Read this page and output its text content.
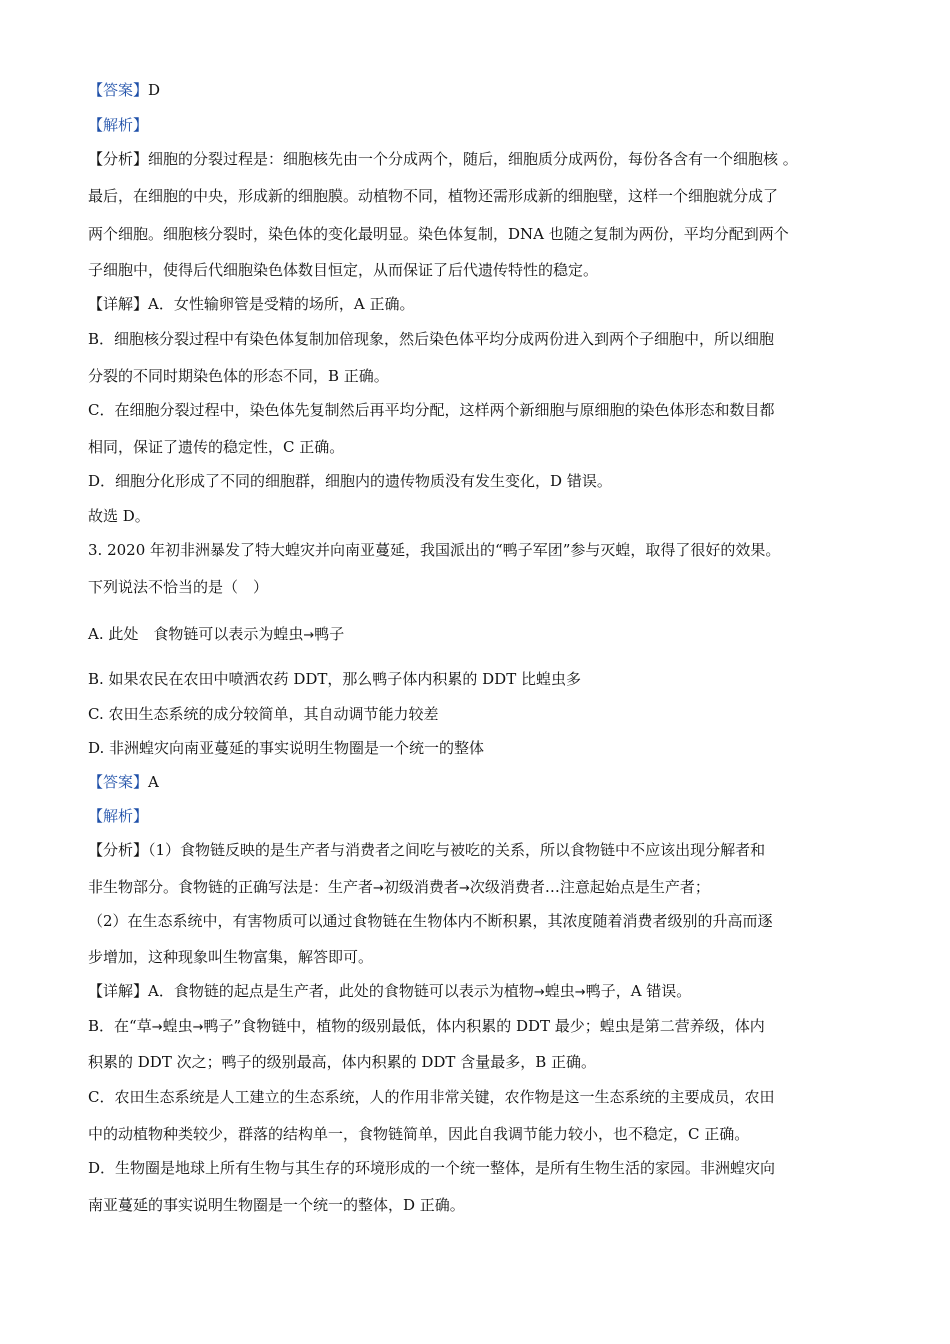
【答案】D
【解析】
【分析】细胞的分裂过程是：细胞核先由一个分成两个，随后，细胞质分成两份，每份各含有一个细胞核 。
最后，在细胞的中央，形成新的细胞膜。动植物不同，植物还需形成新的细胞壁，这样一个细胞就分成了
两个细胞。细胞核分裂时，染色体的变化最明显。染色体复制，DNA 也随之复制为两份，平均分配到两个
子细胞中，使得后代细胞染色体数目恒定，从而保证了后代遗传特性的稳定。
【详解】A．女性输卵管是受精的场所，A 正确。
B．细胞核分裂过程中有染色体复制加倍现象，然后染色体平均分成两份进入到两个子细胞中，所以细胞
分裂的不同时期染色体的形态不同，B 正确。
C．在细胞分裂过程中，染色体先复制然后再平均分配，这样两个新细胞与原细胞的染色体形态和数目都
相同，保证了遗传的稳定性，C 正确。
D．细胞分化形成了不同的细胞群，细胞内的遗传物质没有发生变化，D 错误。
故选 D。
3. 2020 年初非洲暴发了特大蝗灾并向南亚蔓延，我国派出的“鸭子军团”参与灭蝗，取得了很好的效果。
下列说法不恰当的是（　）
A. 此处　食物链可以表示为蝗虫→鸭子
B. 如果农民在农田中喷洒农药 DDT，那么鸭子体内积累的 DDT 比蝗虫多
C. 农田生态系统的成分较简单，其自动调节能力较差
D. 非洲蝗灾向南亚蔓延的事实说明生物圈是一个统一的整体
【答案】A
【解析】
【分析】（1）食物链反映的是生产者与消费者之间吃与被吃的关系，所以食物链中不应该出现分解者和
非生物部分。食物链的正确写法是：生产者→初级消费者→次级消费者…注意起始点是生产者；
（2）在生态系统中，有害物质可以通过食物链在生物体内不断积累，其浓度随着消费者级别的升高而逐
步增加，这种现象叫生物富集，解答即可。
【详解】A．食物链的起点是生产者，此处的食物链可以表示为植物→蝗虫→鸭子，A 错误。
B．在“草→蝗虫→鸭子”食物链中，植物的级别最低，体内积累的 DDT 最少；蝗虫是第二营养级，体内
积累的 DDT 次之；鸭子的级别最高，体内积累的 DDT 含量最多，B 正确。
C．农田生态系统是人工建立的生态系统，人的作用非常关键，农作物是这一生态系统的主要成员，农田
中的动植物种类较少，群落的结构单一，食物链简单，因此自我调节能力较小，也不稳定，C 正确。
D．生物圈是地球上所有生物与其生存的环境形成的一个统一整体，是所有生物生活的家园。非洲蝗灾向
南亚蔓延的事实说明生物圈是一个统一的整体，D 正确。
